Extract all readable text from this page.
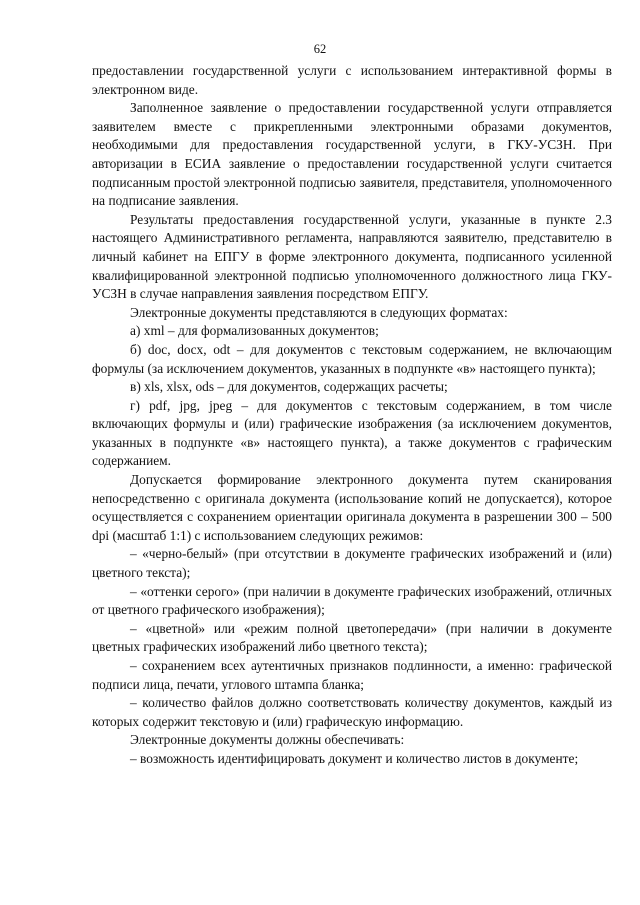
62

предоставлении государственной услуги с использованием интерактивной формы в электронном виде.

Заполненное заявление о предоставлении государственной услуги отправляется заявителем вместе с прикрепленными электронными образами документов, необходимыми для предоставления государственной услуги, в ГКУ-УСЗН. При авторизации в ЕСИА заявление о предоставлении государственной услуги считается подписанным простой электронной подписью заявителя, представителя, уполномоченного на подписание заявления.

Результаты предоставления государственной услуги, указанные в пункте 2.3 настоящего Административного регламента, направляются заявителю, представителю в личный кабинет на ЕПГУ в форме электронного документа, подписанного усиленной квалифицированной электронной подписью уполномоченного должностного лица ГКУ-УСЗН в случае направления заявления посредством ЕПГУ.

Электронные документы представляются в следующих форматах:

а) xml – для формализованных документов;

б) doc, docx, odt – для документов с текстовым содержанием, не включающим формулы (за исключением документов, указанных в подпункте «в» настоящего пункта);

в) xls, xlsx, ods – для документов, содержащих расчеты;

г) pdf, jpg, jpeg – для документов с текстовым содержанием, в том числе включающих формулы и (или) графические изображения (за исключением документов, указанных в подпункте «в» настоящего пункта), а также документов с графическим содержанием.

Допускается формирование электронного документа путем сканирования непосредственно с оригинала документа (использование копий не допускается), которое осуществляется с сохранением ориентации оригинала документа в разрешении 300 – 500 dpi (масштаб 1:1) с использованием следующих режимов:

– «черно-белый» (при отсутствии в документе графических изображений и (или) цветного текста);

– «оттенки серого» (при наличии в документе графических изображений, отличных от цветного графического изображения);

– «цветной» или «режим полной цветопередачи» (при наличии в документе цветных графических изображений либо цветного текста);

– сохранением всех аутентичных признаков подлинности, а именно: графической подписи лица, печати, углового штампа бланка;

– количество файлов должно соответствовать количеству документов, каждый из которых содержит текстовую и (или) графическую информацию.

Электронные документы должны обеспечивать:

– возможность идентифицировать документ и количество листов в документе;
